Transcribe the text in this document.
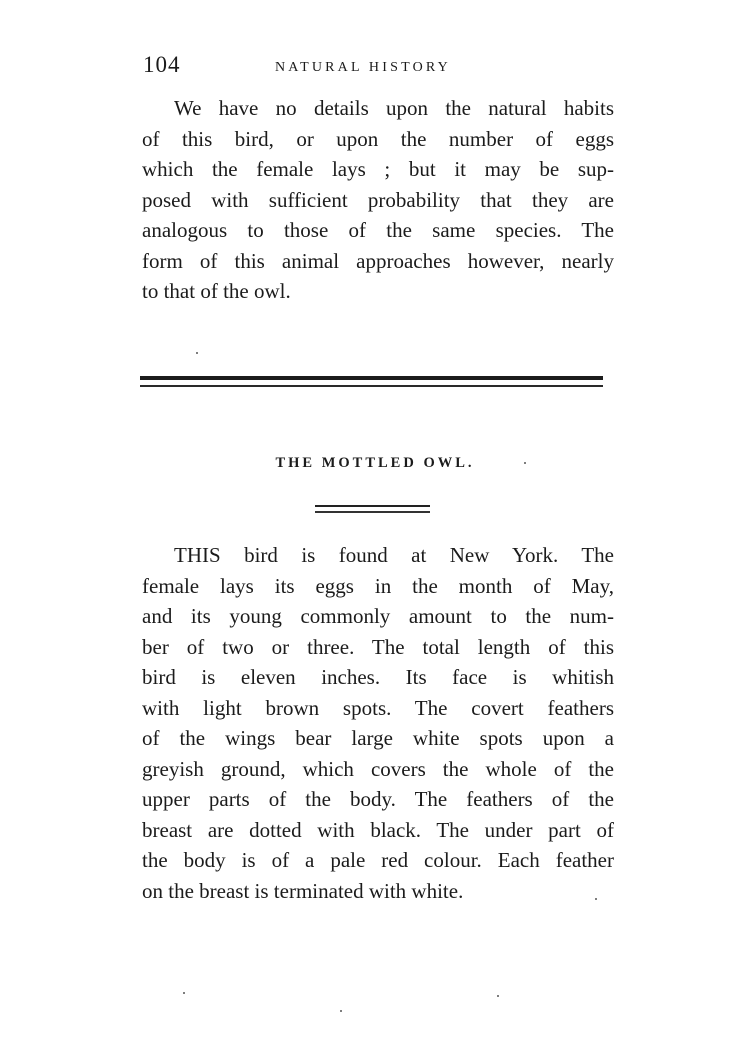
104	NATURAL HISTORY
We have no details upon the natural habits
of this bird, or upon the number of eggs
which the female lays ; but it may be sup-
posed with sufficient probability that they are
analogous to those of the same species. The
form of this animal approaches however, nearly
to that of the owl.
THE MOTTLED OWL.
THIS bird is found at New York. The
female lays its eggs in the month of May,
and its young commonly amount to the num-
ber of two or three. The total length of this
bird is eleven inches. Its face is whitish
with light brown spots. The covert feathers
of the wings bear large white spots upon a
greyish ground, which covers the whole of the
upper parts of the body. The feathers of the
breast are dotted with black. The under part of
the body is of a pale red colour. Each feather
on the breast is terminated with white.
